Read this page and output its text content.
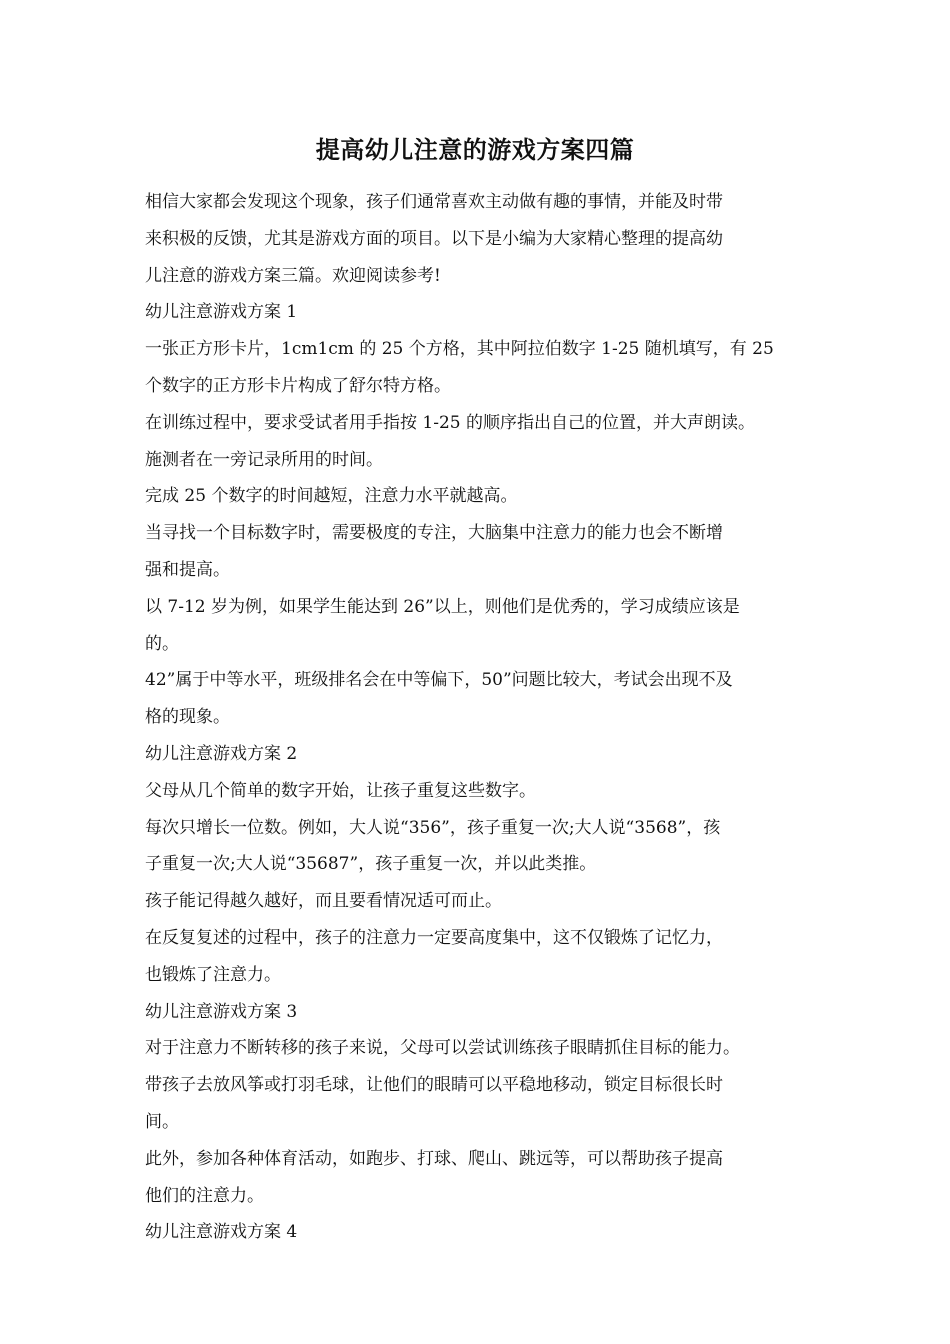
提高幼儿注意的游戏方案四篇
相信大家都会发现这个现象，孩子们通常喜欢主动做有趣的事情，并能及时带
来积极的反馈，尤其是游戏方面的项目。以下是小编为大家精心整理的提高幼
儿注意的游戏方案三篇。欢迎阅读参考!
幼儿注意游戏方案 1
一张正方形卡片，1cm1cm 的 25 个方格，其中阿拉伯数字 1-25 随机填写，有 25
个数字的正方形卡片构成了舒尔特方格。
在训练过程中，要求受试者用手指按 1-25 的顺序指出自己的位置，并大声朗读。
施测者在一旁记录所用的时间。
完成 25 个数字的时间越短，注意力水平就越高。
当寻找一个目标数字时，需要极度的专注，大脑集中注意力的能力也会不断增
强和提高。
以 7-12 岁为例，如果学生能达到 26”以上，则他们是优秀的，学习成绩应该是
的。
42”属于中等水平，班级排名会在中等偏下，50”问题比较大，考试会出现不及
格的现象。
幼儿注意游戏方案 2
父母从几个简单的数字开始，让孩子重复这些数字。
每次只增长一位数。例如，大人说“356”，孩子重复一次;大人说“3568”，孩
子重复一次;大人说“35687”，孩子重复一次，并以此类推。
孩子能记得越久越好，而且要看情况适可而止。
在反复复述的过程中，孩子的注意力一定要高度集中，这不仅锻炼了记忆力，
也锻炼了注意力。
幼儿注意游戏方案 3
对于注意力不断转移的孩子来说，父母可以尝试训练孩子眼睛抓住目标的能力。
带孩子去放风筝或打羽毛球，让他们的眼睛可以平稳地移动，锁定目标很长时
间。
此外，参加各种体育活动，如跑步、打球、爬山、跳远等，可以帮助孩子提高
他们的注意力。
幼儿注意游戏方案 4
